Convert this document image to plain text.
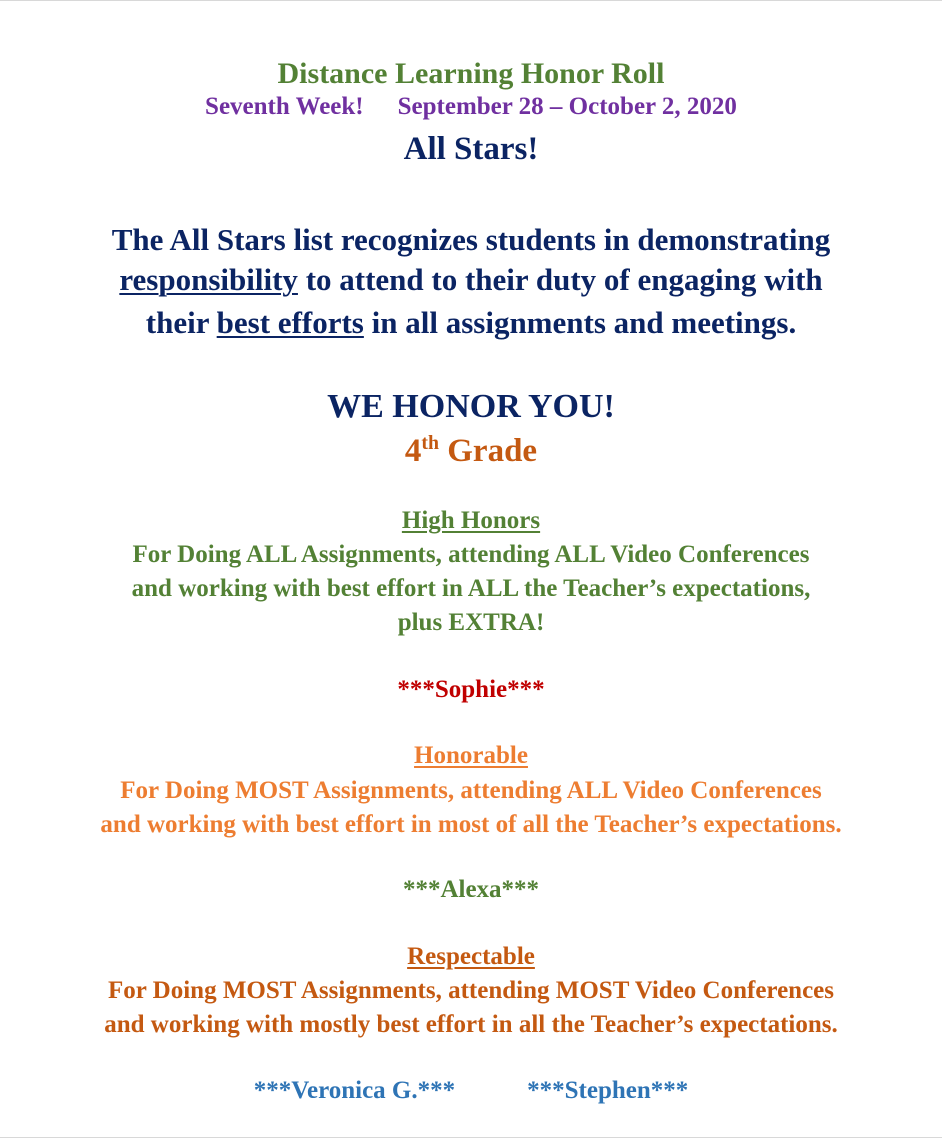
Distance Learning Honor Roll

Seventh Week! September 28 – October 2, 2020

All Stars!

The All Stars list recognizes students in demonstrating

responsibility to attend to their duty of engaging with

their best efforts in all assignments and meetings.

WE HONOR YOU!

4th Grade

High Honors

For Doing ALL Assignments, attending ALL Video Conferences

and working with best effort in ALL the Teacher’s expectations,

plus EXTRA!

***Sophie***

Honorable

For Doing MOST Assignments, attending ALL Video Conferences

and working with best effort in most of all the Teacher’s expectations.

***Alexa***

Respectable

For Doing MOST Assignments, attending MOST Video Conferences

and working with mostly best effort in all the Teacher’s expectations.

***Veronica G.***	***Stephen***
